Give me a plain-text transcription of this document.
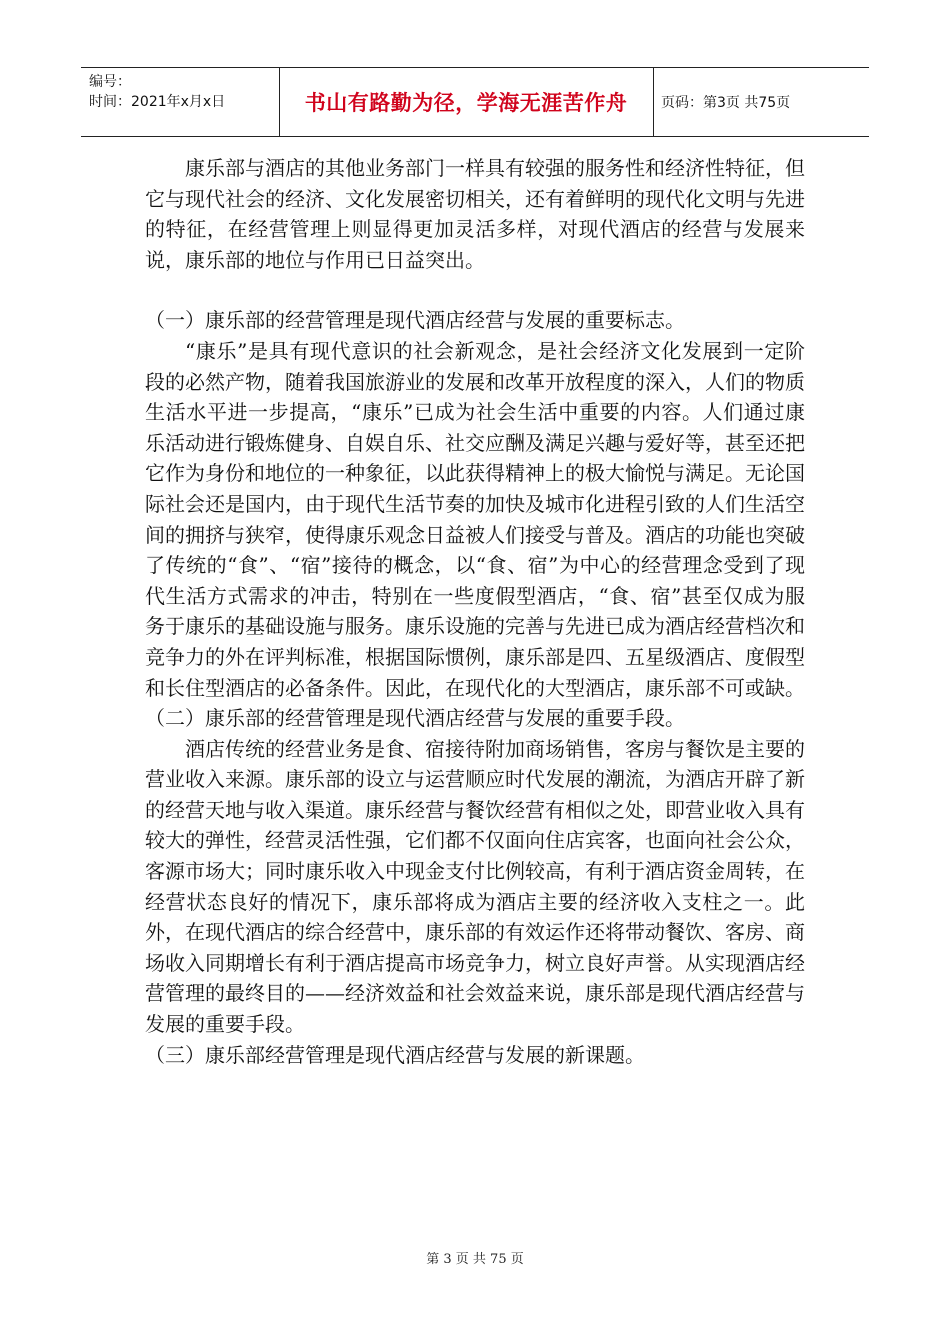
编号：
时间：2021年x月x日	书山有路勤为径，学海无涯苦作舟	页码：第3页 共75页

康乐部与酒店的其他业务部门一样具有较强的服务性和经济性特征，但它与现代社会的经济、文化发展密切相关，还有着鲜明的现代化文明与先进的特征，在经营管理上则显得更加灵活多样，对现代酒店的经营与发展来说，康乐部的地位与作用已日益突出。

（一）康乐部的经营管理是现代酒店经营与发展的重要标志。

“康乐”是具有现代意识的社会新观念，是社会经济文化发展到一定阶段的必然产物，随着我国旅游业的发展和改革开放程度的深入，人们的物质生活水平进一步提高，“康乐”已成为社会生活中重要的内容。人们通过康乐活动进行锻炼健身、自娱自乐、社交应酬及满足兴趣与爱好等，甚至还把它作为身份和地位的一种象征，以此获得精神上的极大愉悦与满足。无论国际社会还是国内，由于现代生活节奏的加快及城市化进程引致的人们生活空间的拥挤与狭窄，使得康乐观念日益被人们接受与普及。酒店的功能也突破了传统的“食”、“宿”接待的概念，以“食、宿”为中心的经营理念受到了现代生活方式需求的冲击，特别在一些度假型酒店，“食、宿”甚至仅成为服务于康乐的基础设施与服务。康乐设施的完善与先进已成为酒店经营档次和竞争力的外在评判标准，根据国际惯例，康乐部是四、五星级酒店、度假型和长住型酒店的必备条件。因此，在现代化的大型酒店，康乐部不可或缺。

（二）康乐部的经营管理是现代酒店经营与发展的重要手段。

酒店传统的经营业务是食、宿接待附加商场销售，客房与餐饮是主要的营业收入来源。康乐部的设立与运营顺应时代发展的潮流，为酒店开辟了新的经营天地与收入渠道。康乐经营与餐饮经营有相似之处，即营业收入具有较大的弹性，经营灵活性强，它们都不仅面向住店宾客，也面向社会公众，客源市场大；同时康乐收入中现金支付比例较高，有利于酒店资金周转，在经营状态良好的情况下，康乐部将成为酒店主要的经济收入支柱之一。此外，在现代酒店的综合经营中，康乐部的有效运作还将带动餐饮、客房、商场收入同期增长有利于酒店提高市场竞争力，树立良好声誉。从实现酒店经营管理的最终目的——经济效益和社会效益来说，康乐部是现代酒店经营与发展的重要手段。

（三）康乐部经营管理是现代酒店经营与发展的新课题。

第 3 页 共 75 页
